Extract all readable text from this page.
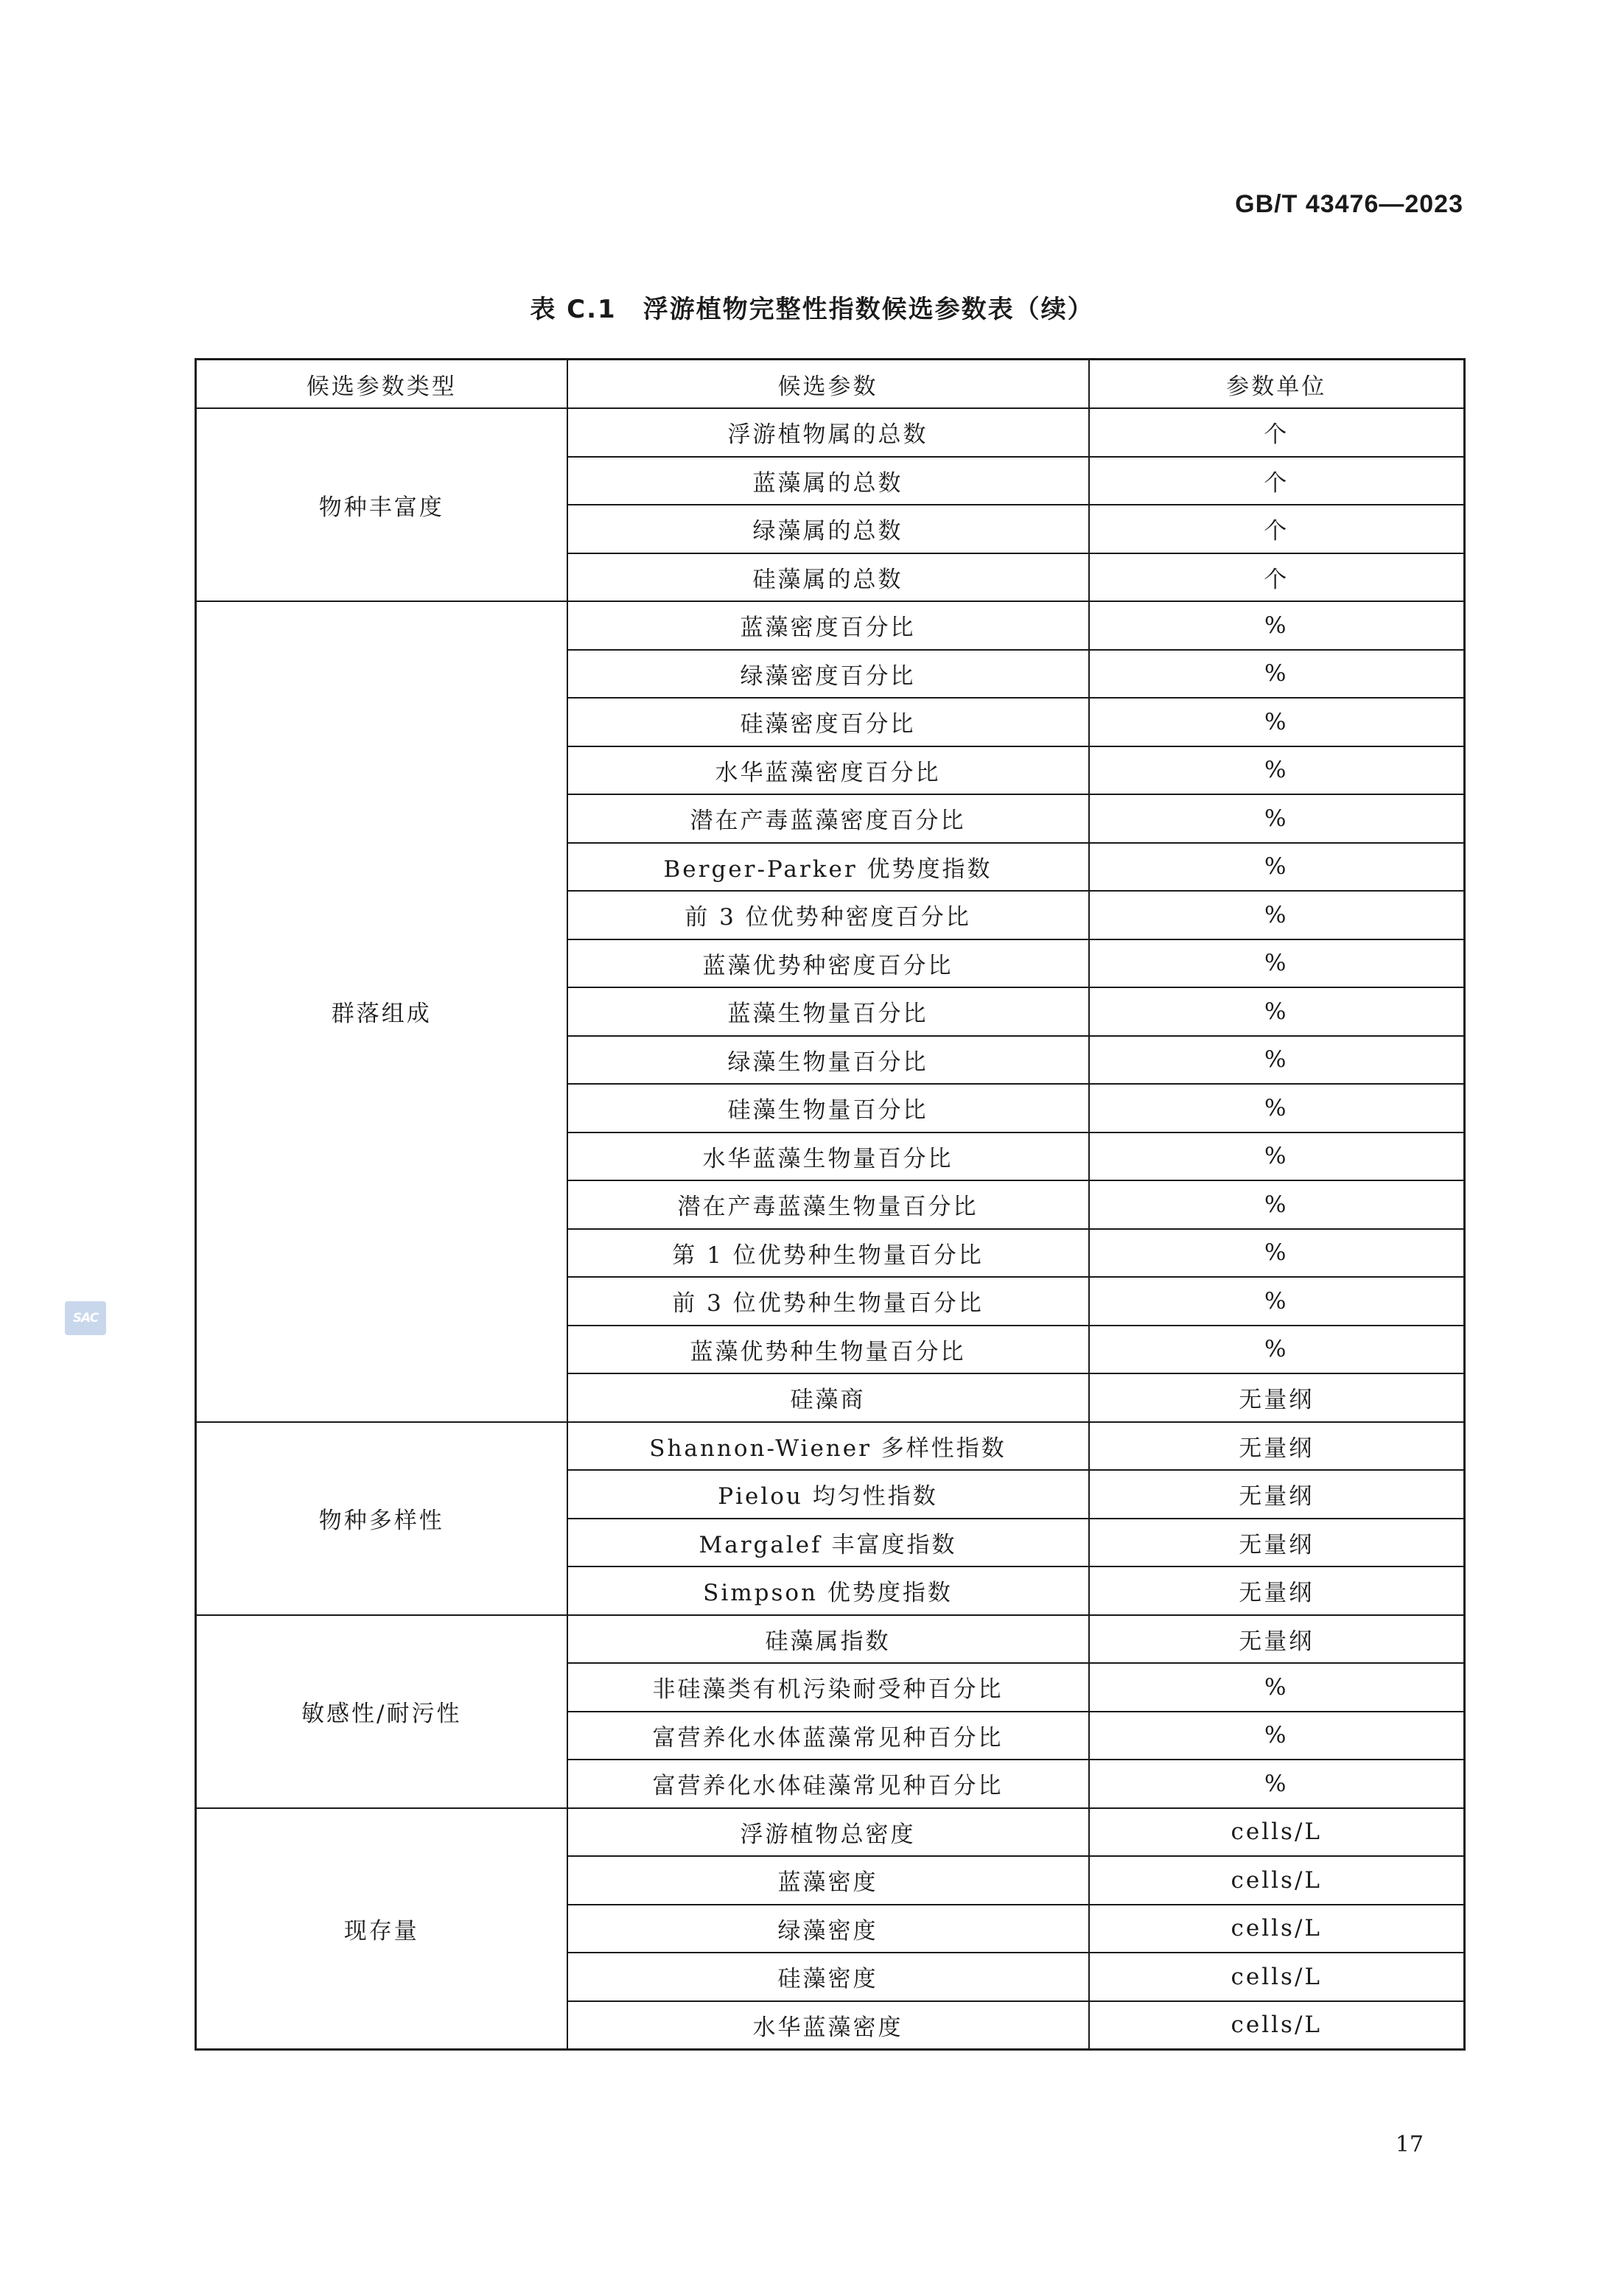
GB/T 43476—2023
表 C.1 浮游植物完整性指数候选参数表（续）
候选参数类型	候选参数	参数单位
物种丰富度	浮游植物属的总数	个
	蓝藻属的总数	个
	绿藻属的总数	个
	硅藻属的总数	个
群落组成	蓝藻密度百分比	%
	绿藻密度百分比	%
	硅藻密度百分比	%
	水华蓝藻密度百分比	%
	潜在产毒蓝藻密度百分比	%
	Berger-Parker 优势度指数	%
	前 3 位优势种密度百分比	%
	蓝藻优势种密度百分比	%
	蓝藻生物量百分比	%
	绿藻生物量百分比	%
	硅藻生物量百分比	%
	水华蓝藻生物量百分比	%
	潜在产毒蓝藻生物量百分比	%
	第 1 位优势种生物量百分比	%
	前 3 位优势种生物量百分比	%
	蓝藻优势种生物量百分比	%
	硅藻商	无量纲
物种多样性	Shannon-Wiener 多样性指数	无量纲
	Pielou 均匀性指数	无量纲
	Margalef 丰富度指数	无量纲
	Simpson 优势度指数	无量纲
敏感性/耐污性	硅藻属指数	无量纲
	非硅藻类有机污染耐受种百分比	%
	富营养化水体蓝藻常见种百分比	%
	富营养化水体硅藻常见种百分比	%
现存量	浮游植物总密度	cells/L
	蓝藻密度	cells/L
	绿藻密度	cells/L
	硅藻密度	cells/L
	水华蓝藻密度	cells/L
SAC
17
